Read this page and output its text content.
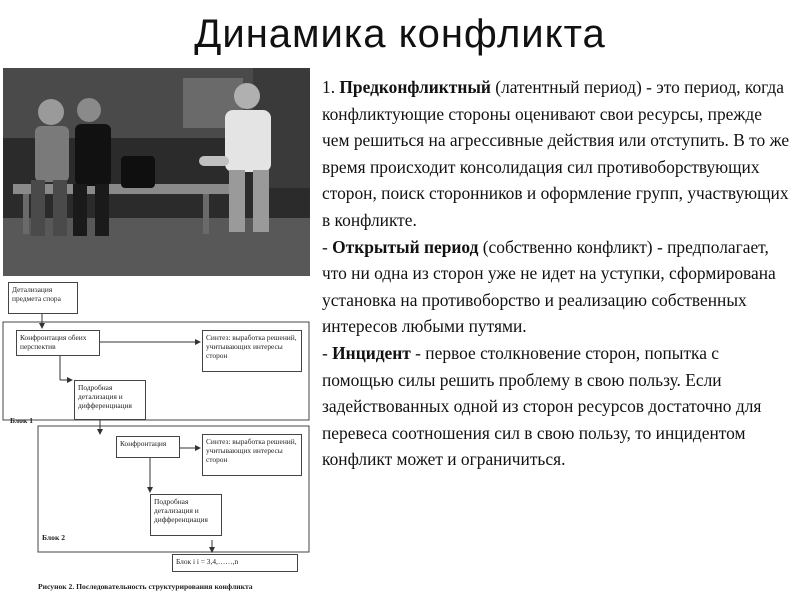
Динамика конфликта

1. Предконфликтный (латентный период) - это период, когда конфликтующие стороны оценивают свои ресурсы, прежде чем решиться на агрессивные действия или отступить. В то же время происходит консолидация сил противоборствующих сторон, поиск сторонников и оформление групп, участвующих в конфликте.

- Открытый период (собственно конфликт) - предполагает, что ни одна из сторон уже не идет на уступки, сформирована установка на противоборство и реализацию собственных интересов любыми путями.

- Инцидент - первое столкновение сторон, попытка с помощью силы решить проблему в свою пользу. Если задействованных одной из сторон ресурсов достаточно для перевеса соотношения сил в свою пользу, то инцидентом конфликт может и ограничиться.

Детализация предмета спора
Конфронтация обеих перспектив
Синтез: выработка решений, учитывающих интересы сторон
Подробная детализация и дифференциация
Блок 1
Конфронтация	Синтез: выработка решений, учитывающих интересы сторон
Подробная детализация и дифференциация
Блок 2
Блок i i = 3,4,……,n
Рисунок 2. Последовательность структурирования конфликта
